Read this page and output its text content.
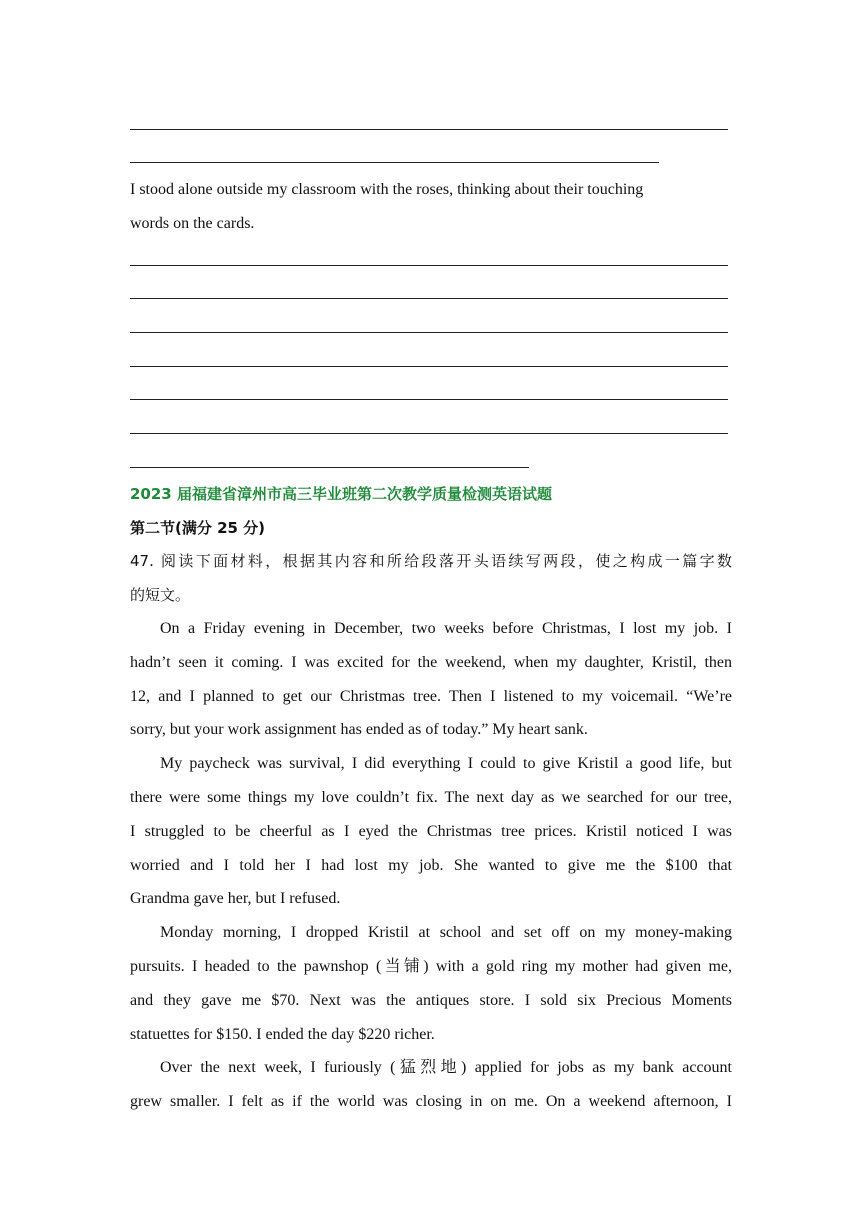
I stood alone outside my classroom with the roses, thinking about their touching
words on the cards.
2023 届福建省漳州市高三毕业班第二次教学质量检测英语试题
第二节(满分 25 分)
47. 阅读下面材料，根据其内容和所给段落开头语续写两段，使之构成一篇字数
的短文。
On a Friday evening in December, two weeks before Christmas, I lost my job. I
hadn’t seen it coming. I was excited for the weekend, when my daughter, Kristil, then
12, and I planned to get our Christmas tree. Then I listened to my voicemail. “We’re
sorry, but your work assignment has ended as of today.” My heart sank.
My paycheck was survival, I did everything I could to give Kristil a good life, but
there were some things my love couldn’t fix. The next day as we searched for our tree,
I struggled to be cheerful as I eyed the Christmas tree prices. Kristil noticed I was
worried and I told her I had lost my job. She wanted to give me the $100 that
Grandma gave her, but I refused.
Monday morning, I dropped Kristil at school and set off on my money-making
pursuits. I headed to the pawnshop (当铺) with a gold ring my mother had given me,
and they gave me $70. Next was the antiques store. I sold six Precious Moments
statuettes for $150. I ended the day $220 richer.
Over the next week, I furiously (猛烈地) applied for jobs as my bank account
grew smaller. I felt as if the world was closing in on me. On a weekend afternoon, I
